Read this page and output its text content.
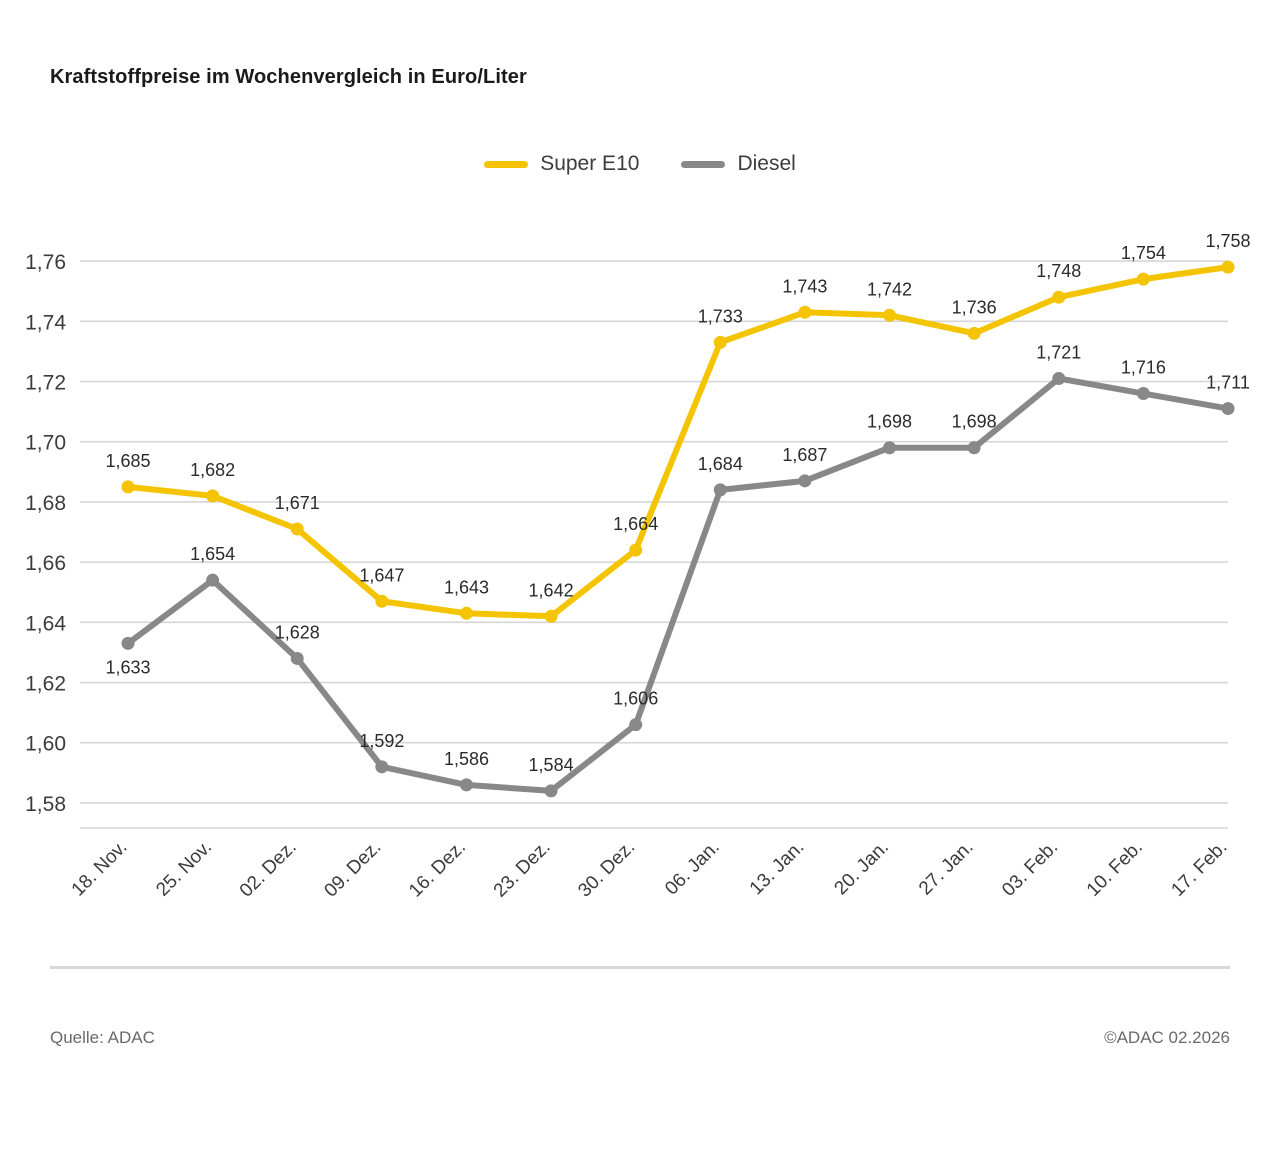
Kraftstoffpreise im Wochenvergleich in Euro/Liter
Super E10	Diesel
1,58
1,60
1,62
1,64
1,66
1,68
1,70
1,72
1,74
1,76
18. Nov. 25. Nov. 02. Dez. 09. Dez. 16. Dez. 23. Dez. 30. Dez. 06. Jan. 13. Jan. 20. Jan. 27. Jan. 03. Feb. 10. Feb. 17. Feb.
1,685 1,682
1,671
1,647
1,643 1,642
1,664
1,733
1,743 1,742
1,736
1,748
1,754
1,758
1,633
1,654
1,628
1,592
1,586 1,584
1,606
1,684 1,687
1,698 1,698
1,721
1,716
1,711
Quelle: ADAC	©ADAC 02.2026
